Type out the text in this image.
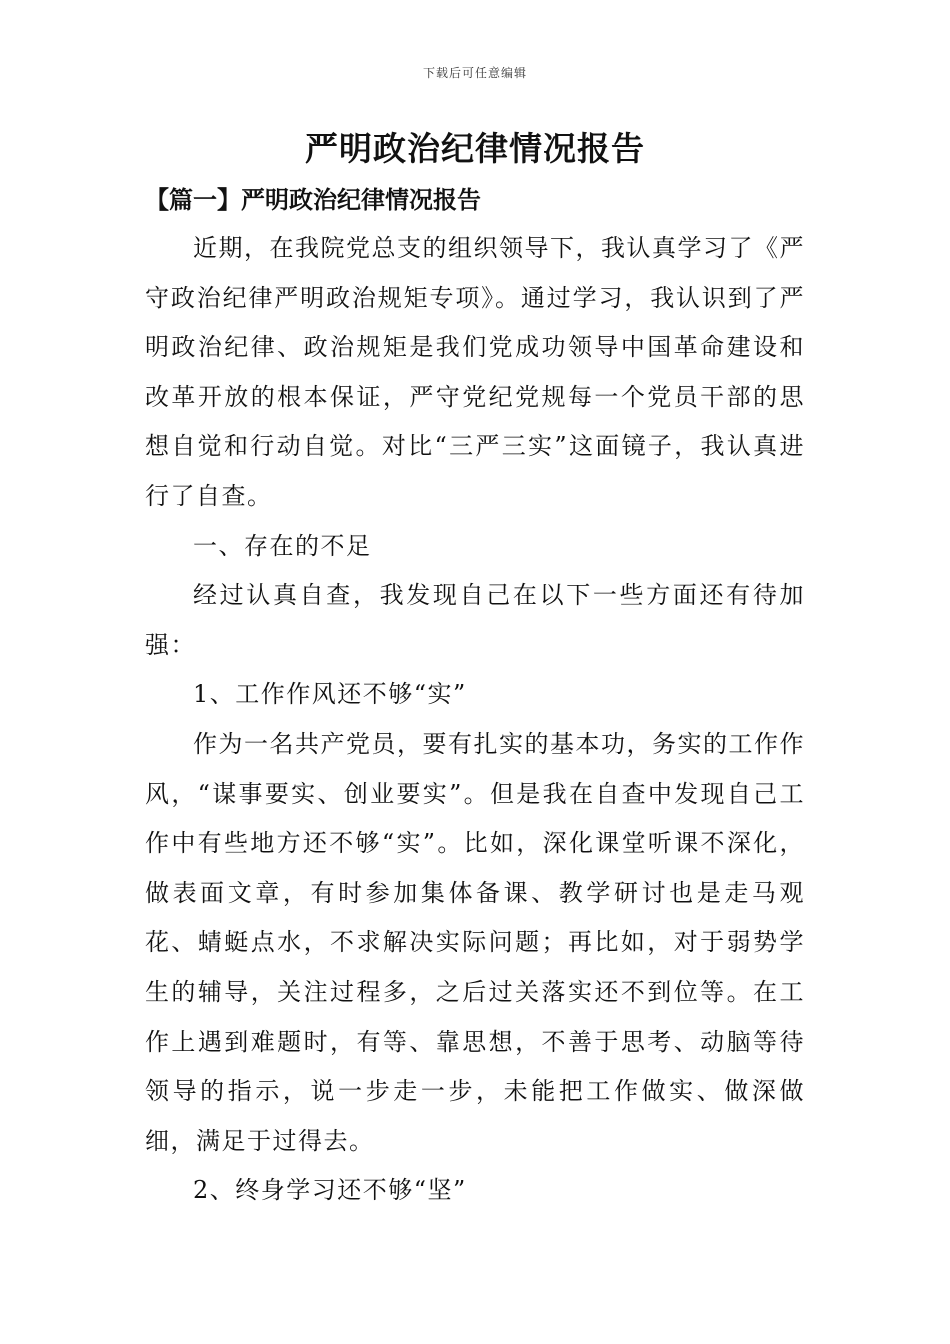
下载后可任意编辑
严明政治纪律情况报告
【篇一】严明政治纪律情况报告

近期，在我院党总支的组织领导下，我认真学习了《严守政治纪律严明政治规矩专项》。通过学习，我认识到了严明政治纪律、政治规矩是我们党成功领导中国革命建设和改革开放的根本保证，严守党纪党规每一个党员干部的思想自觉和行动自觉。对比“三严三实”这面镜子，我认真进行了自查。

一、存在的不足

经过认真自查，我发现自己在以下一些方面还有待加强：

1、工作作风还不够“实”

作为一名共产党员，要有扎实的基本功，务实的工作作风，“谋事要实、创业要实”。但是我在自查中发现自己工作中有些地方还不够“实”。比如，深化课堂听课不深化，做表面文章，有时参加集体备课、教学研讨也是走马观花、蜻蜓点水，不求解决实际问题；再比如，对于弱势学生的辅导，关注过程多，之后过关落实还不到位等。在工作上遇到难题时，有等、靠思想，不善于思考、动脑等待领导的指示，说一步走一步，未能把工作做实、做深做细，满足于过得去。

2、终身学习还不够“坚”
